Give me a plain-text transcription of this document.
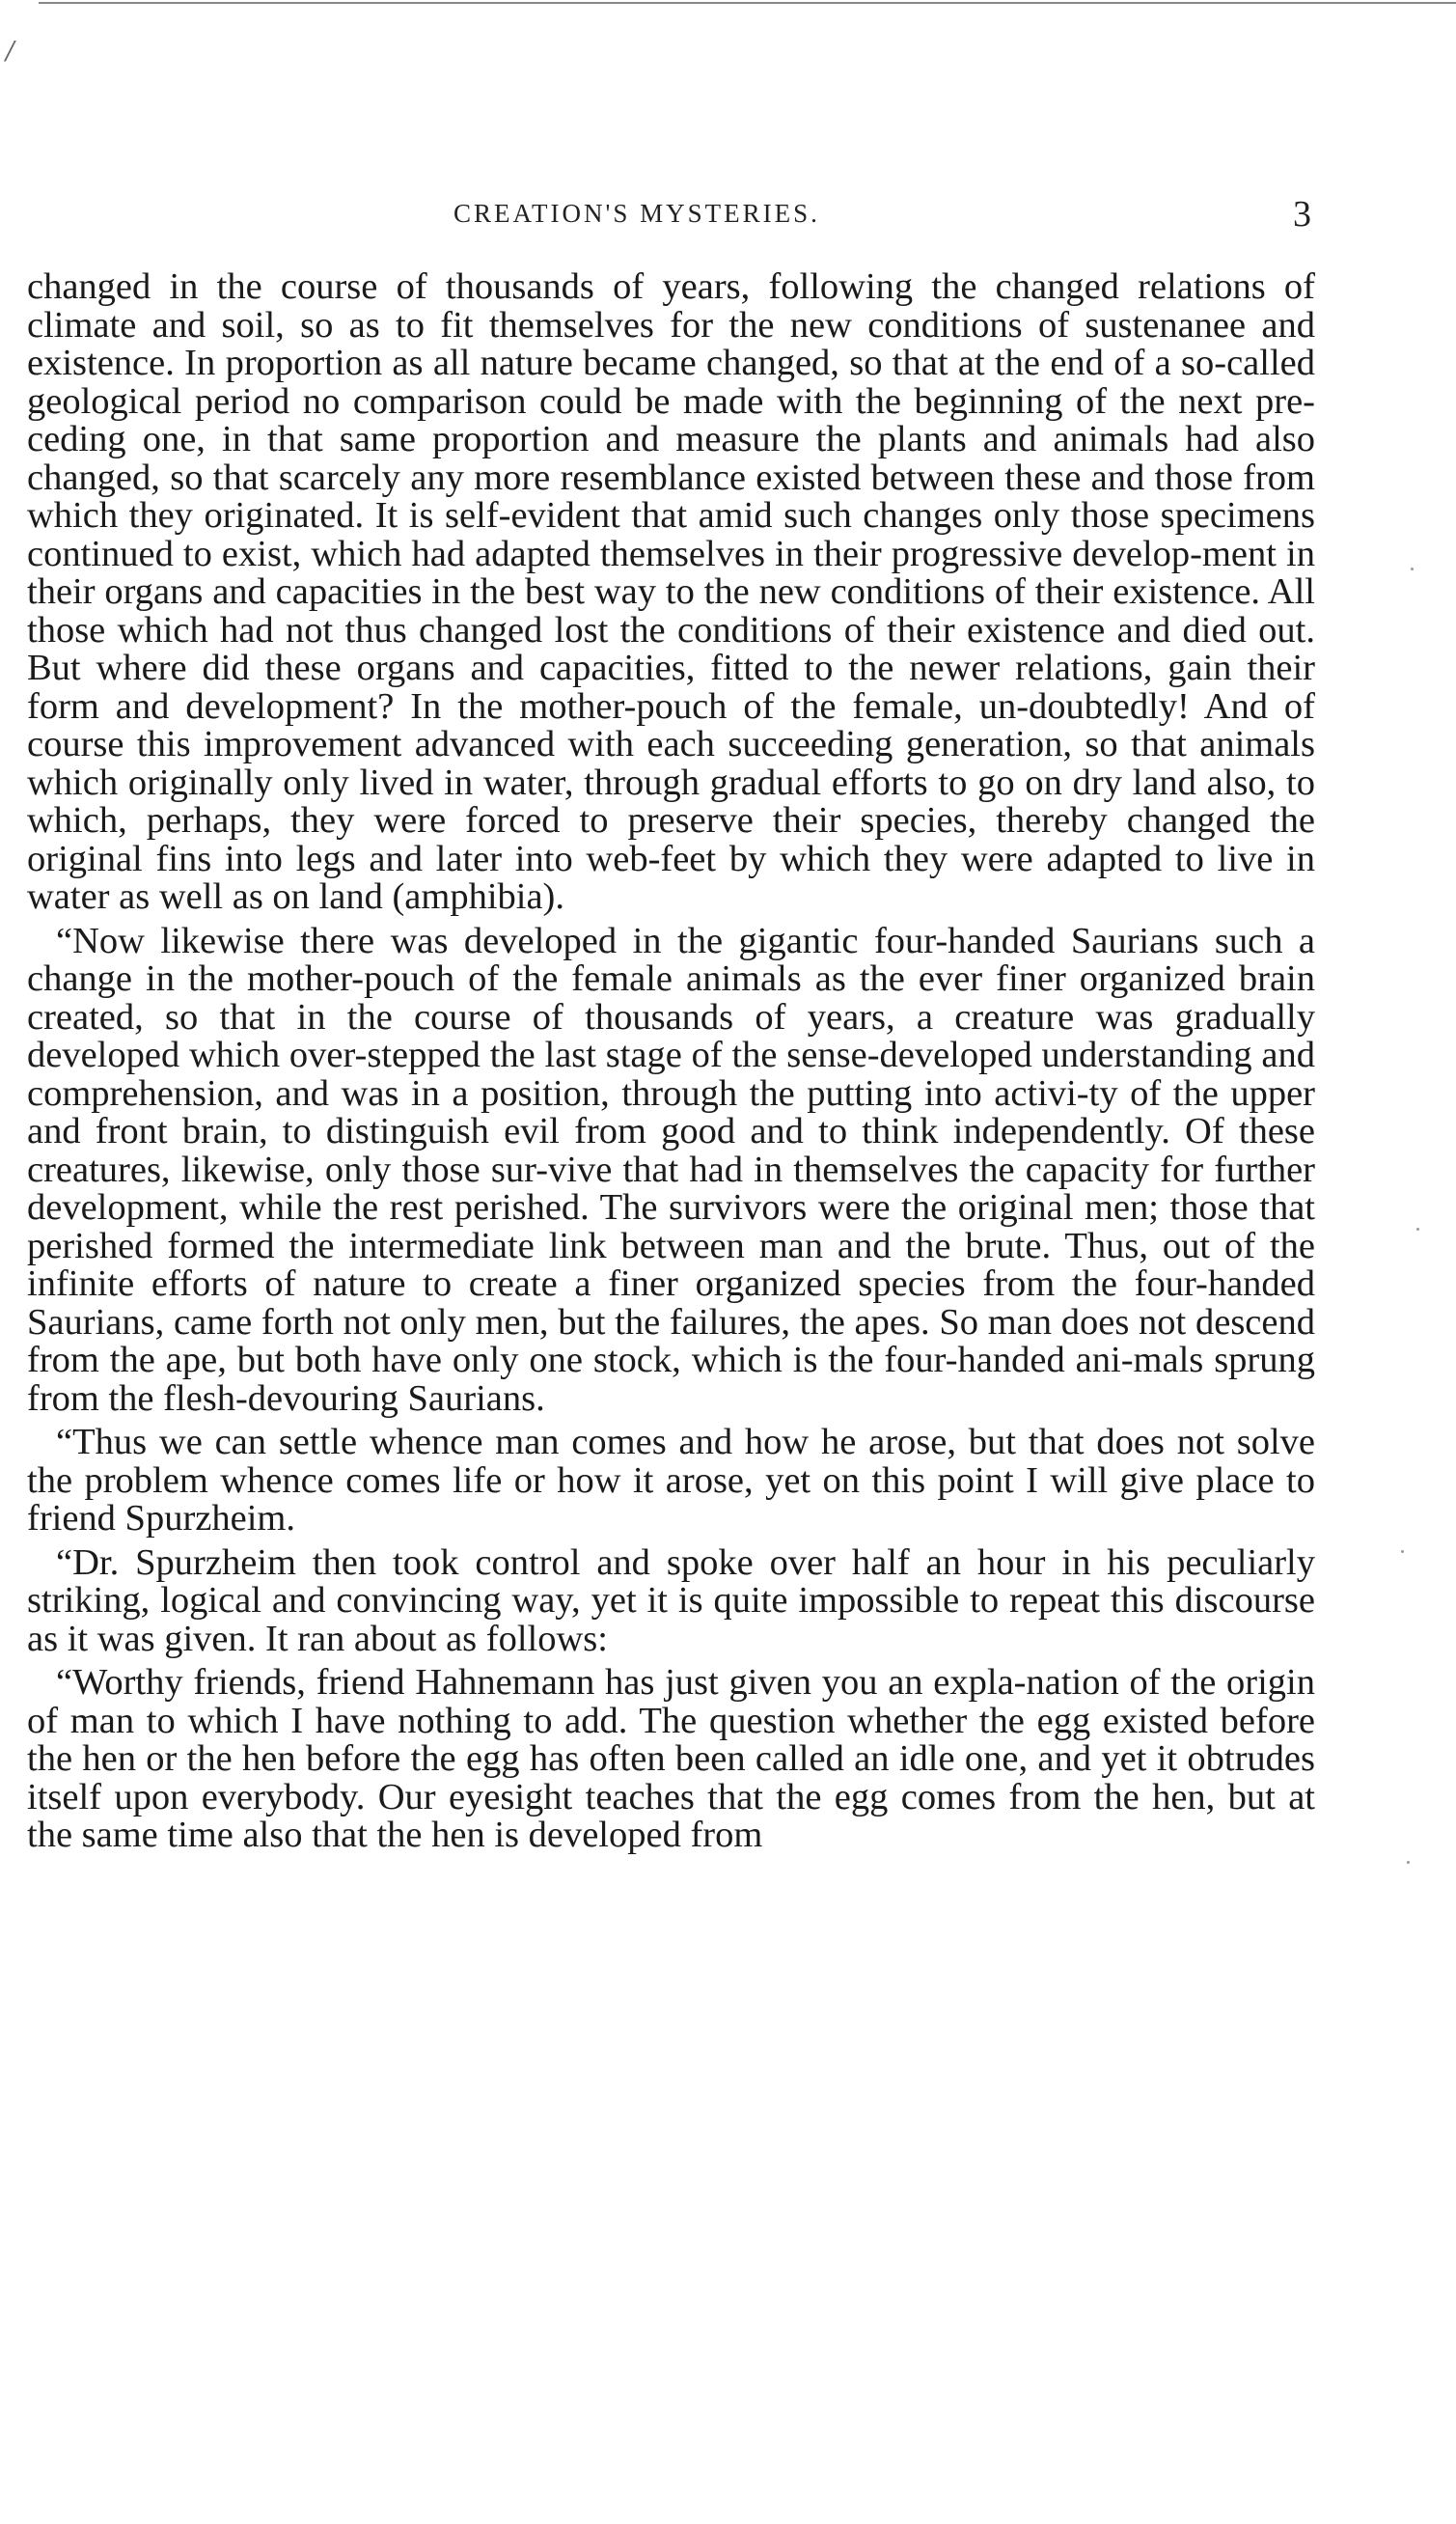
/
CREATION'S MYSTERIES.	3

changed in the course of thousands of years, following the changed relations of climate and soil, so as to fit themselves for the new conditions of sustenanee and existence. In proportion as all nature became changed, so that at the end of a so-called geological period no comparison could be made with the beginning of the next pre-ceding one, in that same proportion and measure the plants and animals had also changed, so that scarcely any more resemblance existed between these and those from which they originated. It is self-evident that amid such changes only those specimens continued to exist, which had adapted themselves in their progressive develop-ment in their organs and capacities in the best way to the new conditions of their existence. All those which had not thus changed lost the conditions of their existence and died out. But where did these organs and capacities, fitted to the newer relations, gain their form and development? In the mother-pouch of the female, un-doubtedly! And of course this improvement advanced with each succeeding generation, so that animals which originally only lived in water, through gradual efforts to go on dry land also, to which, perhaps, they were forced to preserve their species, thereby changed the original fins into legs and later into web-feet by which they were adapted to live in water as well as on land (amphibia).

“Now likewise there was developed in the gigantic four-handed Saurians such a change in the mother-pouch of the female animals as the ever finer organized brain created, so that in the course of thousands of years, a creature was gradually developed which over-stepped the last stage of the sense-developed understanding and comprehension, and was in a position, through the putting into activi-ty of the upper and front brain, to distinguish evil from good and to think independently. Of these creatures, likewise, only those sur-vive that had in themselves the capacity for further development, while the rest perished. The survivors were the original men; those that perished formed the intermediate link between man and the brute. Thus, out of the infinite efforts of nature to create a finer organized species from the four-handed Saurians, came forth not only men, but the failures, the apes. So man does not descend from the ape, but both have only one stock, which is the four-handed ani-mals sprung from the flesh-devouring Saurians.

“Thus we can settle whence man comes and how he arose, but that does not solve the problem whence comes life or how it arose, yet on this point I will give place to friend Spurzheim.

“Dr. Spurzheim then took control and spoke over half an hour in his peculiarly striking, logical and convincing way, yet it is quite impossible to repeat this discourse as it was given. It ran about as follows:

“Worthy friends, friend Hahnemann has just given you an expla-nation of the origin of man to which I have nothing to add. The question whether the egg existed before the hen or the hen before the egg has often been called an idle one, and yet it obtrudes itself upon everybody. Our eyesight teaches that the egg comes from the hen, but at the same time also that the hen is developed from
